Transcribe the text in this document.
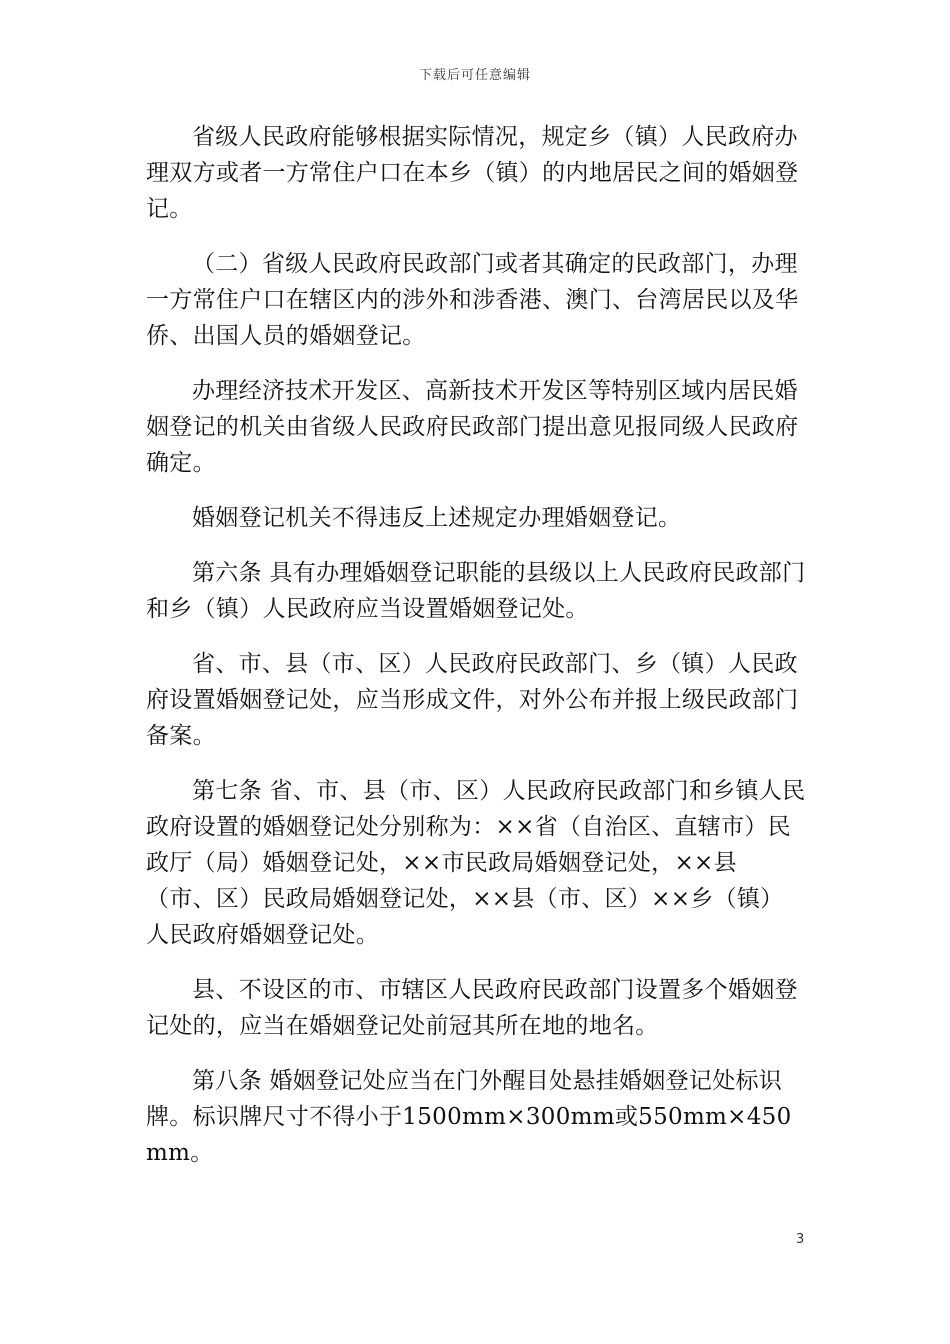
下载后可任意编辑

省级人民政府能够根据实际情况，规定乡（镇）人民政府办理双方或者一方常住户口在本乡（镇）的内地居民之间的婚姻登记。

（二）省级人民政府民政部门或者其确定的民政部门，办理一方常住户口在辖区内的涉外和涉香港、澳门、台湾居民以及华侨、出国人员的婚姻登记。

办理经济技术开发区、高新技术开发区等特别区域内居民婚姻登记的机关由省级人民政府民政部门提出意见报同级人民政府确定。

婚姻登记机关不得违反上述规定办理婚姻登记。

第六条 具有办理婚姻登记职能的县级以上人民政府民政部门和乡（镇）人民政府应当设置婚姻登记处。

省、市、县（市、区）人民政府民政部门、乡（镇）人民政府设置婚姻登记处，应当形成文件，对外公布并报上级民政部门备案。

第七条 省、市、县（市、区）人民政府民政部门和乡镇人民政府设置的婚姻登记处分别称为：××省（自治区、直辖市）民政厅（局）婚姻登记处，××市民政局婚姻登记处，××县（市、区）民政局婚姻登记处，××县（市、区）××乡（镇）人民政府婚姻登记处。

县、不设区的市、市辖区人民政府民政部门设置多个婚姻登记处的，应当在婚姻登记处前冠其所在地的地名。

第八条 婚姻登记处应当在门外醒目处悬挂婚姻登记处标识牌。标识牌尺寸不得小于1500mm×300mm或550mm×450mm。

3
